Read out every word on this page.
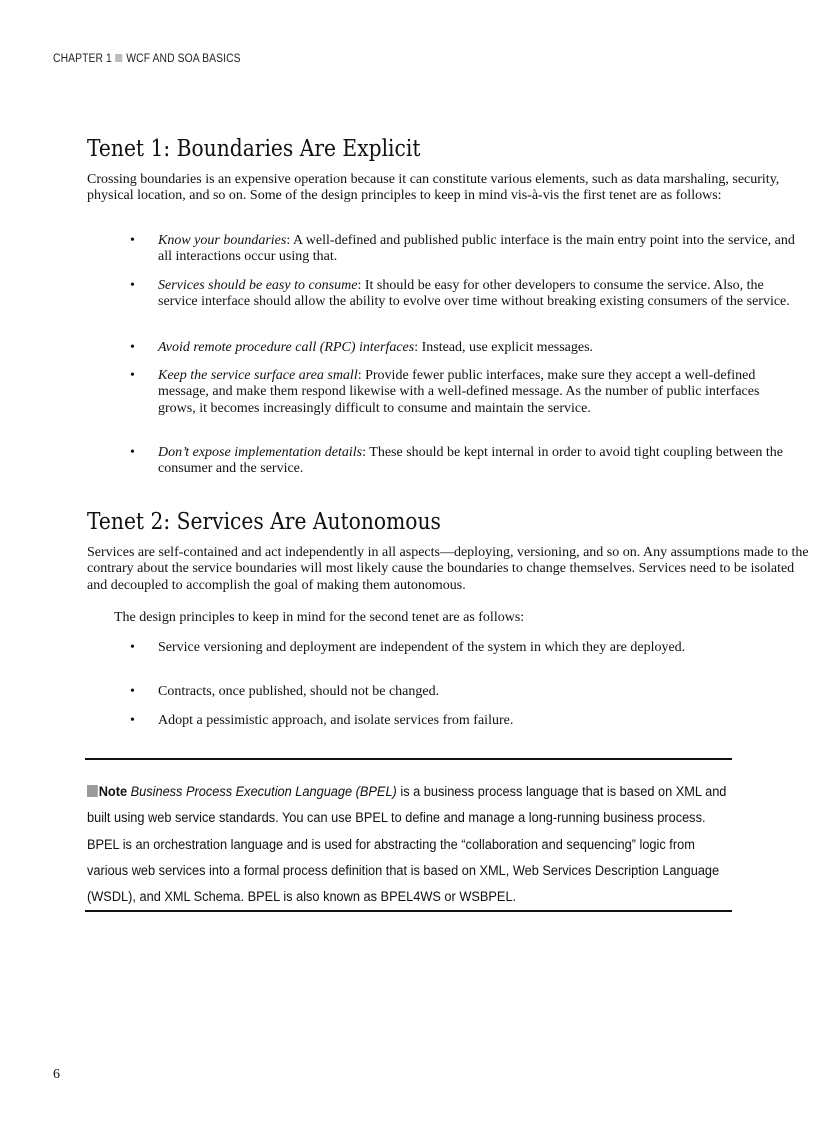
CHAPTER 1 WCF AND SOA BASICS
Tenet 1: Boundaries Are Explicit

Crossing boundaries is an expensive operation because it can constitute various elements, such as data marshaling, security, physical location, and so on. Some of the design principles to keep in mind vis-à-vis the first tenet are as follows:

• Know your boundaries: A well-defined and published public interface is the main entry point into the service, and all interactions occur using that.
• Services should be easy to consume: It should be easy for other developers to consume the service. Also, the service interface should allow the ability to evolve over time without breaking existing consumers of the service.
• Avoid remote procedure call (RPC) interfaces: Instead, use explicit messages.
• Keep the service surface area small: Provide fewer public interfaces, make sure they accept a well-defined message, and make them respond likewise with a well-defined message. As the number of public interfaces grows, it becomes increasingly difficult to consume and maintain the service.
• Don’t expose implementation details: These should be kept internal in order to avoid tight coupling between the consumer and the service.
Tenet 2: Services Are Autonomous

Services are self-contained and act independently in all aspects—deploying, versioning, and so on. Any assumptions made to the contrary about the service boundaries will most likely cause the boundaries to change themselves. Services need to be isolated and decoupled to accomplish the goal of making them autonomous.

The design principles to keep in mind for the second tenet are as follows:

• Service versioning and deployment are independent of the system in which they are deployed.
• Contracts, once published, should not be changed.
• Adopt a pessimistic approach, and isolate services from failure.
Note Business Process Execution Language (BPEL) is a business process language that is based on XML and built using web service standards. You can use BPEL to define and manage a long-running business process. BPEL is an orchestration language and is used for abstracting the “collaboration and sequencing” logic from various web services into a formal process definition that is based on XML, Web Services Description Language (WSDL), and XML Schema. BPEL is also known as BPEL4WS or WSBPEL.
6
